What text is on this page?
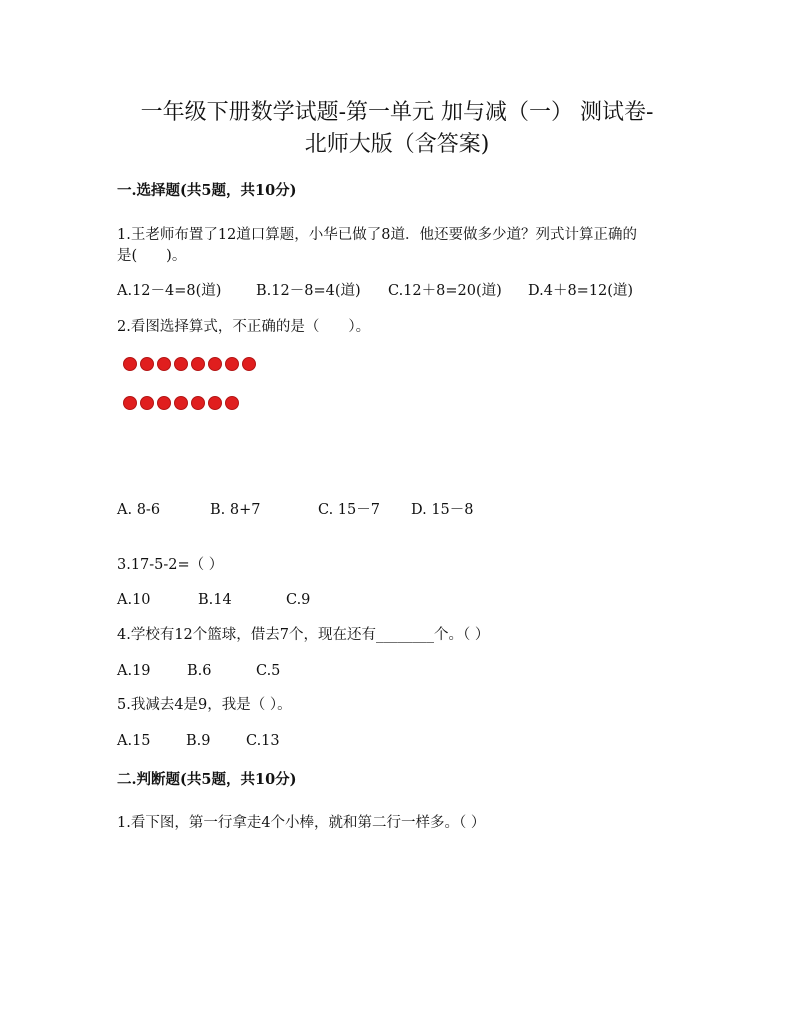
一年级下册数学试题-第一单元 加与减（一） 测试卷-
北师大版（含答案)
一.选择题(共5题，共10分)
1.王老师布置了12道口算题，小华已做了8道．他还要做多少道？列式计算正确的
是(　　)。
A.12－4=8(道) B.12－8=4(道) C.12＋8=20(道) D.4＋8=12(道)
2.看图选择算式，不正确的是（　　）。
A. 8-6	B. 8+7	C. 15－7 D. 15－8
3.17-5-2=（ ）
A.10	B.14	C.9
4.学校有12个篮球，借去7个，现在还有________个。（ ）
A.19	B.6	C.5
5.我减去4是9，我是（ ）。
A.15 B.9 C.13
二.判断题(共5题，共10分)
1.看下图，第一行拿走4个小棒，就和第二行一样多。（ ）
